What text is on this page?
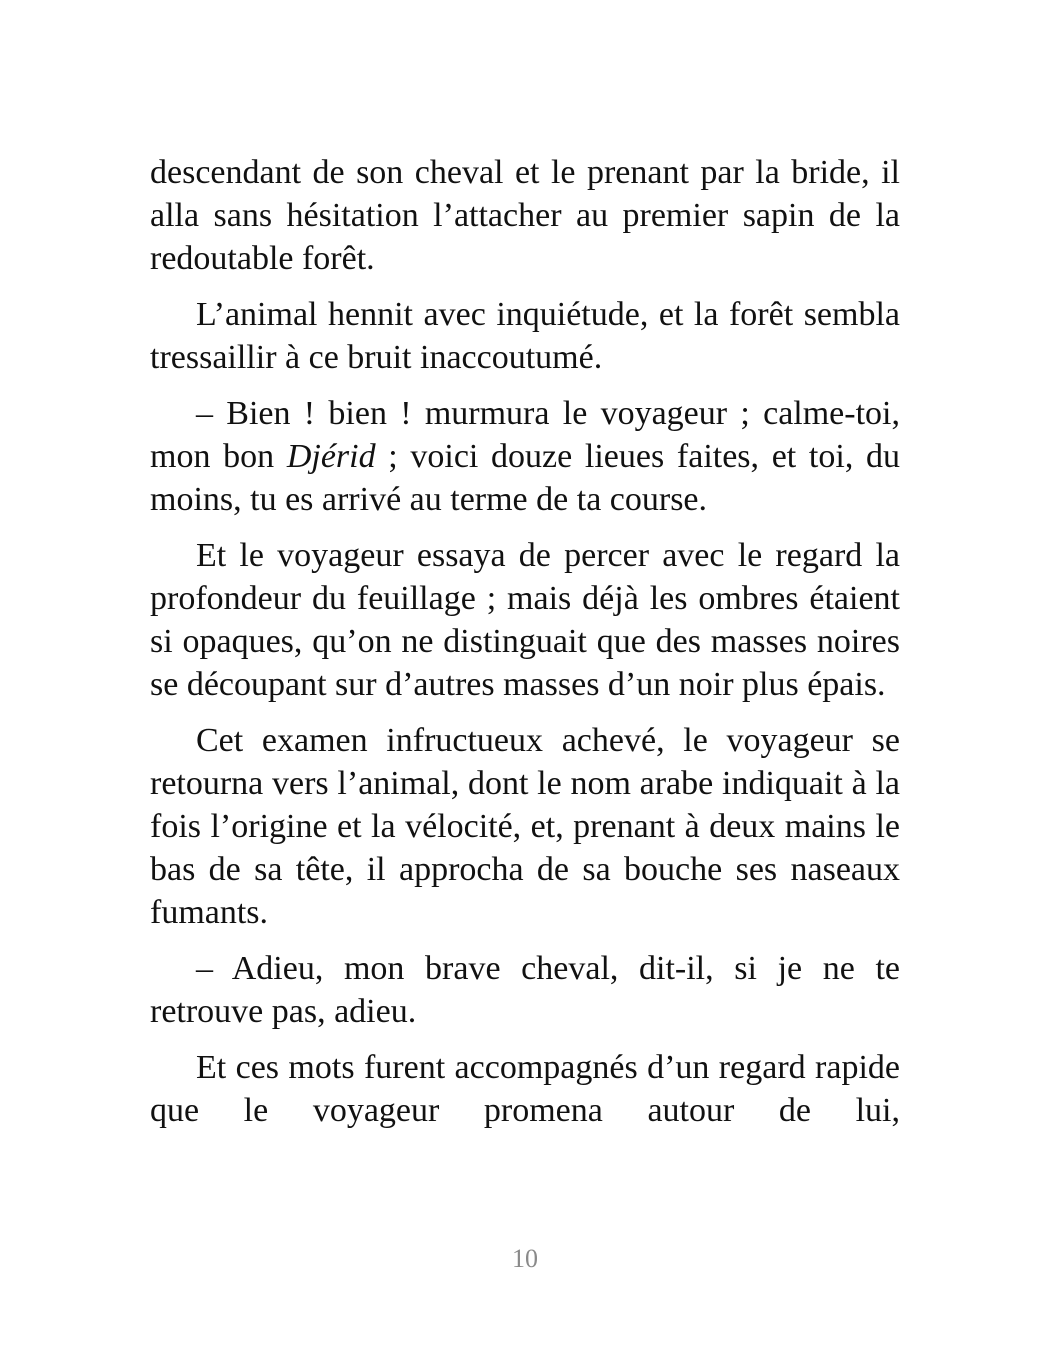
descendant de son cheval et le prenant par la bride, il alla sans hésitation l’attacher au premier sapin de la redoutable forêt.

L’animal hennit avec inquiétude, et la forêt sembla tressaillir à ce bruit inaccoutumé.

– Bien ! bien ! murmura le voyageur ; calme-toi, mon bon Djérid ; voici douze lieues faites, et toi, du moins, tu es arrivé au terme de ta course.

Et le voyageur essaya de percer avec le regard la profondeur du feuillage ; mais déjà les ombres étaient si opaques, qu’on ne distinguait que des masses noires se découpant sur d’autres masses d’un noir plus épais.

Cet examen infructueux achevé, le voyageur se retourna vers l’animal, dont le nom arabe indiquait à la fois l’origine et la vélocité, et, prenant à deux mains le bas de sa tête, il approcha de sa bouche ses naseaux fumants.

– Adieu, mon brave cheval, dit-il, si je ne te retrouve pas, adieu.

Et ces mots furent accompagnés d’un regard rapide que le voyageur promena autour de lui,

10
